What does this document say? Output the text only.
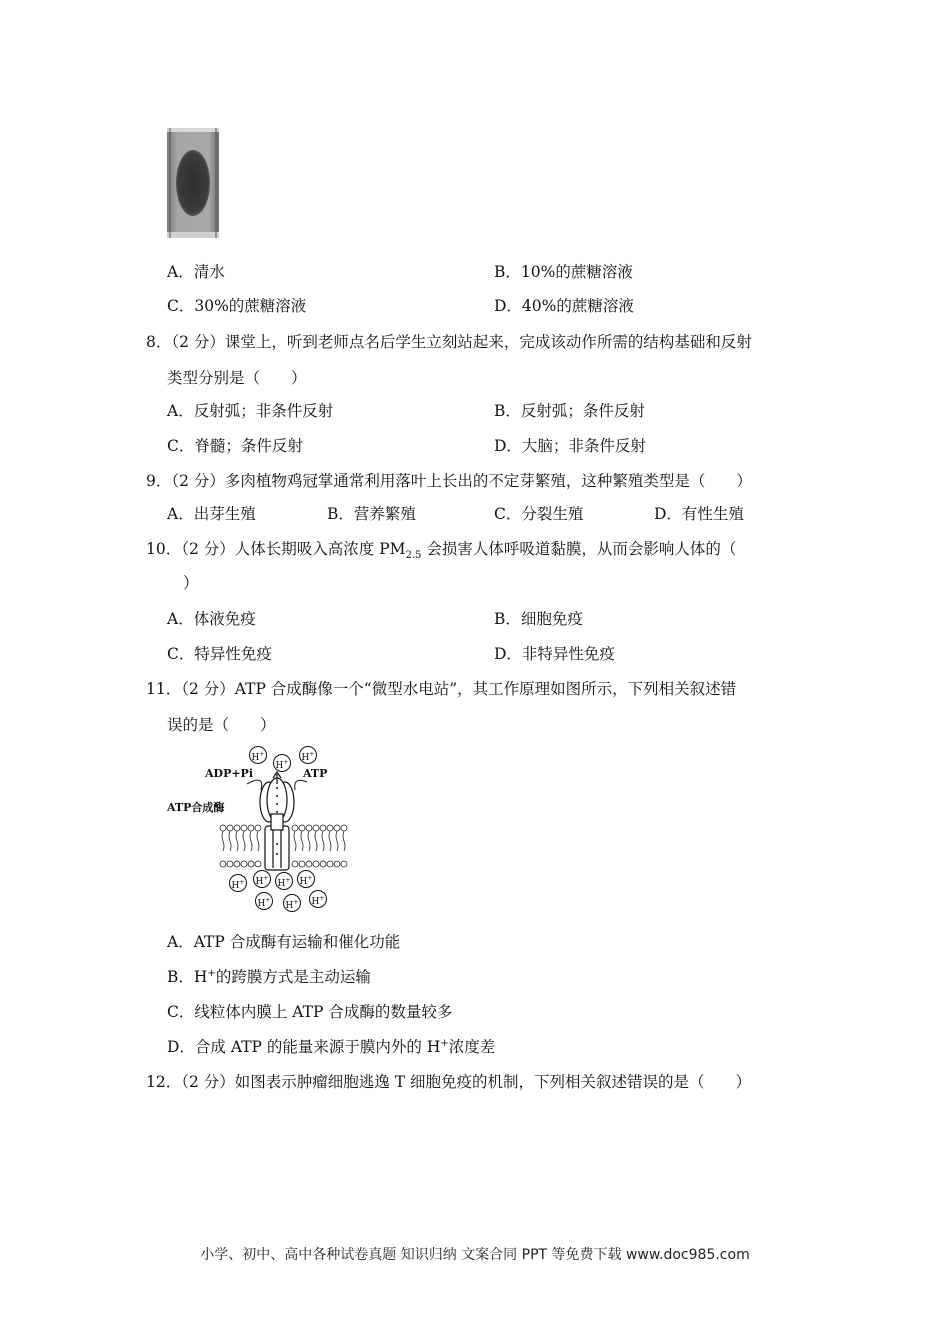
A．清水	B．10%的蔗糖溶液
C．30%的蔗糖溶液	D．40%的蔗糖溶液
8．（2 分）课堂上，听到老师点名后学生立刻站起来，完成该动作所需的结构基础和反射
类型分别是（　　）
A．反射弧；非条件反射	B．反射弧；条件反射
C．脊髓；条件反射	D．大脑；非条件反射
9．（2 分）多肉植物鸡冠掌通常利用落叶上长出的不定芽繁殖，这种繁殖类型是（　　）
A．出芽生殖	B．营养繁殖	C．分裂生殖	D．有性生殖
10．（2 分）人体长期吸入高浓度 $PM_{2.5}$ 会损害人体呼吸道黏膜，从而会影响人体的（
）
A．体液免疫	B．细胞免疫
C．特异性免疫	D．非特异性免疫
11．（2 分）ATP 合成酶像一个“微型水电站”，其工作原理如图所示，下列相关叙述错
误的是（　　）
H+
H+ H+
ADP+Pi	ATP
ATP合成酶
H+ H+
H+ H+
H+
H+ H+
A．ATP 合成酶有运输和催化功能
B．H+的跨膜方式是主动运输
C．线粒体内膜上 ATP 合成酶的数量较多
D．合成 ATP 的能量来源于膜内外的 H+浓度差
12．（2 分）如图表示肿瘤细胞逃逸 T 细胞免疫的机制，下列相关叙述错误的是（　　）
小学、初中、高中各种试卷真题 知识归纳 文案合同 PPT 等免费下载 www.doc985.com
